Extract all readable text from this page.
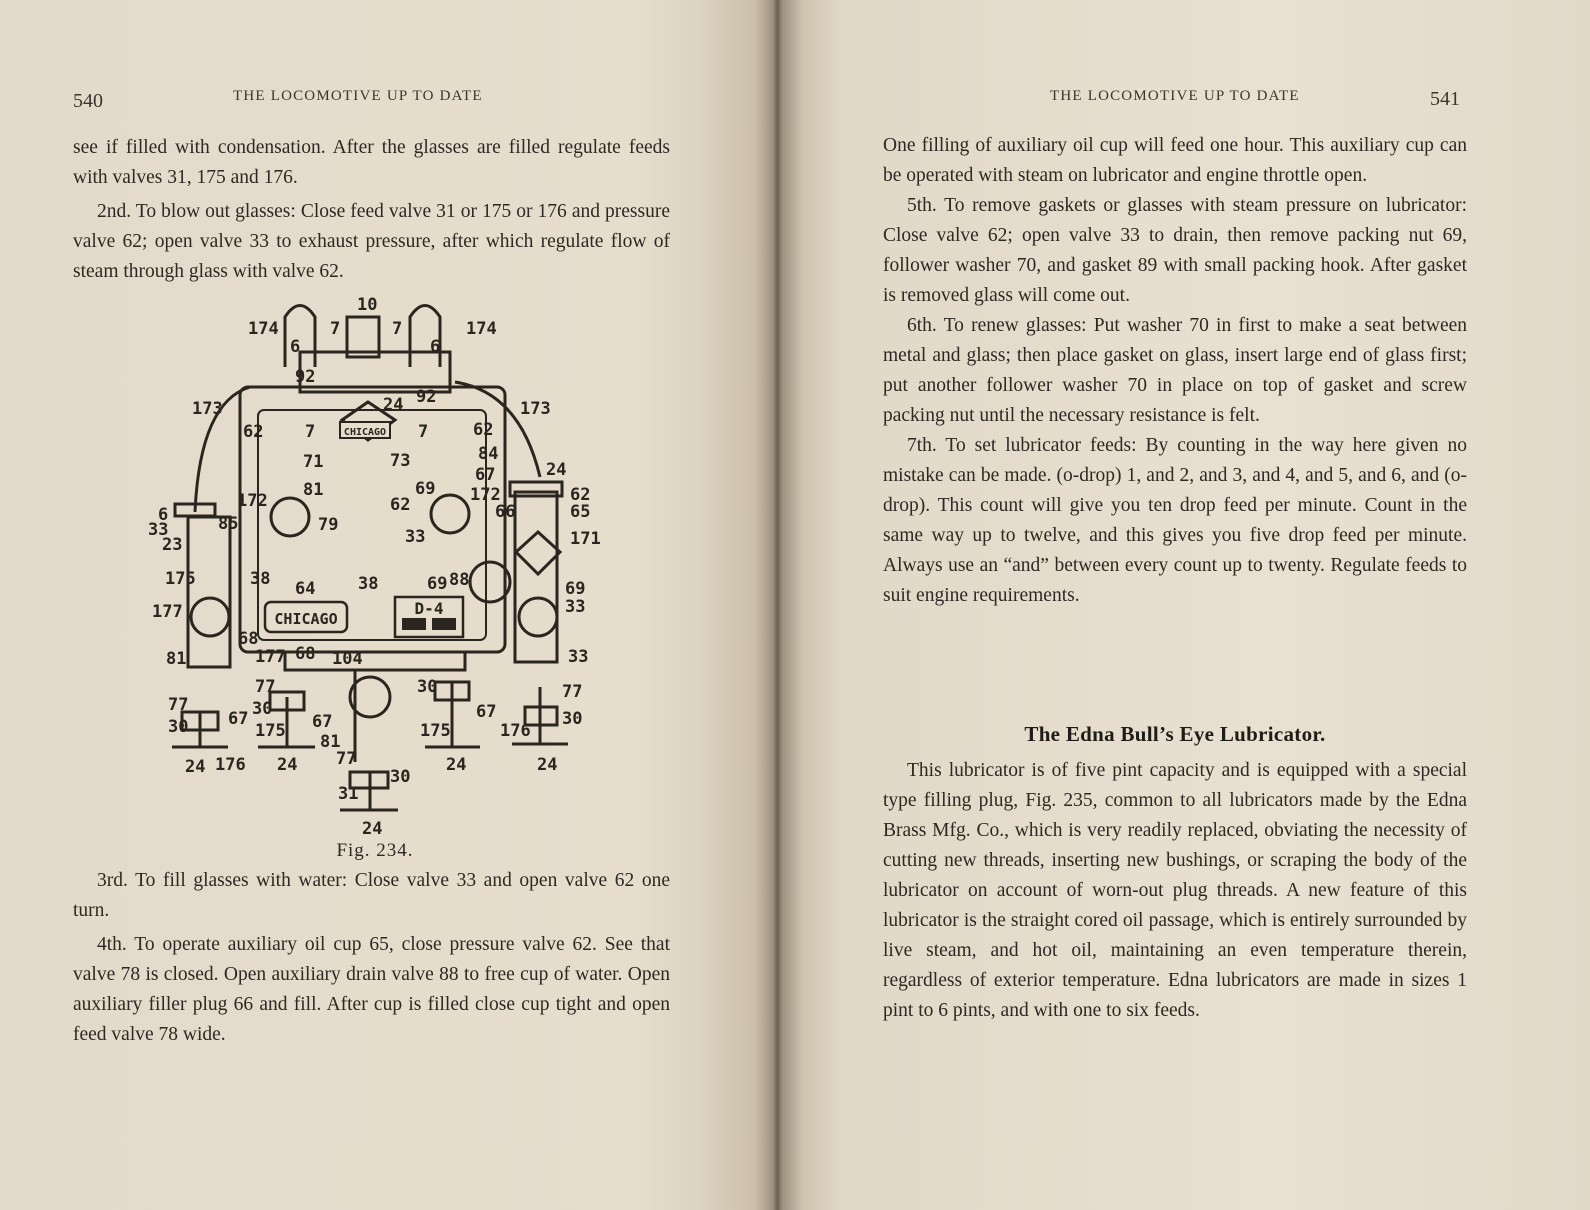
540	THE LOCOMOTIVE UP TO DATE

see if filled with condensation. After the glasses are filled regulate feeds with valves 31, 175 and 176.

2nd. To blow out glasses: Close feed valve 31 or 175 or 176 and pressure valve 62; open valve 33 to exhaust pressure, after which regulate flow of steam through glass with valve 62.

CHICAGO
CHICAGO
D-4
10
174	7
6
174
7
6
173
92
24 92
173
62 7
71
81
73
7	62
84
67	24
172
69 172
62	62
6
33	85
23
79
33
66	65
171
175	38 64	38	69 88	69
33
177
68
177 68 104	33
81
77
30 67 30
175
77	30
67	175
81
67
77
176
30
24 176 24 77
30
24	24
31
24
Fig. 234.

3rd. To fill glasses with water: Close valve 33 and open valve 62 one turn.

4th. To operate auxiliary oil cup 65, close pressure valve 62. See that valve 78 is closed. Open auxiliary drain valve 88 to free cup of water. Open auxiliary filler plug 66 and fill. After cup is filled close cup tight and open feed valve 78 wide.

THE LOCOMOTIVE UP TO DATE	541

One filling of auxiliary oil cup will feed one hour. This auxiliary cup can be operated with steam on lubricator and engine throttle open.

5th. To remove gaskets or glasses with steam pressure on lubricator: Close valve 62; open valve 33 to drain, then remove packing nut 69, follower washer 70, and gasket 89 with small packing hook. After gasket is removed glass will come out.

6th. To renew glasses: Put washer 70 in first to make a seat between metal and glass; then place gasket on glass, insert large end of glass first; put another follower washer 70 in place on top of gasket and screw packing nut until the necessary resistance is felt.

7th. To set lubricator feeds: By counting in the way here given no mistake can be made. (o-drop) 1, and 2, and 3, and 4, and 5, and 6, and (o-drop). This count will give you ten drop feed per minute. Count in the same way up to twelve, and this gives you five drop feed per minute. Always use an “and” between every count up to twenty. Regulate feeds to suit engine requirements.

The Edna Bull’s Eye Lubricator.

This lubricator is of five pint capacity and is equipped with a special type filling plug, Fig. 235, common to all lubricators made by the Edna Brass Mfg. Co., which is very readily replaced, obviating the necessity of cutting new threads, inserting new bushings, or scraping the body of the lubricator on account of worn-out plug threads. A new feature of this lubricator is the straight cored oil passage, which is entirely surrounded by live steam, and hot oil, maintaining an even temperature therein, regardless of exterior temperature. Edna lubricators are made in sizes 1 pint to 6 pints, and with one to six feeds.
